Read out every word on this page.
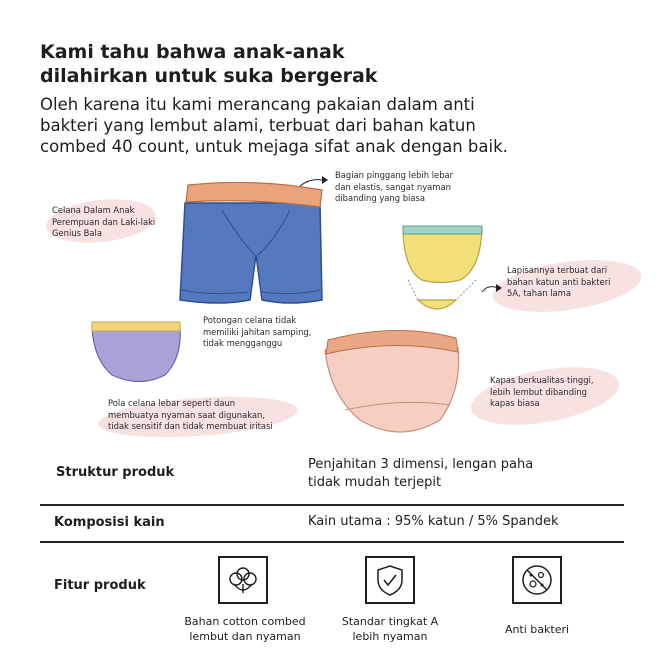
Kami tahu bahwa anak-anak
dilahirkan untuk suka bergerak
Oleh karena itu kami merancang pakaian dalam anti
bakteri yang lembut alami, terbuat dari bahan katun
combed 40 count, untuk mejaga sifat anak dengan baik.
Celana Dalam Anak
Perempuan dan Laki-laki
Genius Bala
Bagian pinggang lebih lebar
dan elastis, sangat nyaman
dibanding yang biasa
Lapisannya terbuat dari
bahan katun anti bakteri
5A, tahan lama
Potongan celana tidak
memiliki jahitan samping,
tidak mengganggu
Pola celana lebar seperti daun
membuatya nyaman saat digunakan,
tidak sensitif dan tidak membuat iritasi
Kapas berkualitas tinggi,
lebih lembut dibanding
kapas biasa
Struktur produk
Penjahitan 3 dimensi, lengan paha
tidak mudah terjepit
Komposisi kain	Kain utama : 95% katun / 5% Spandek
Fitur produk
Bahan cotton combed
lembut dan nyaman
Standar tingkat A
lebih nyaman
Anti bakteri
